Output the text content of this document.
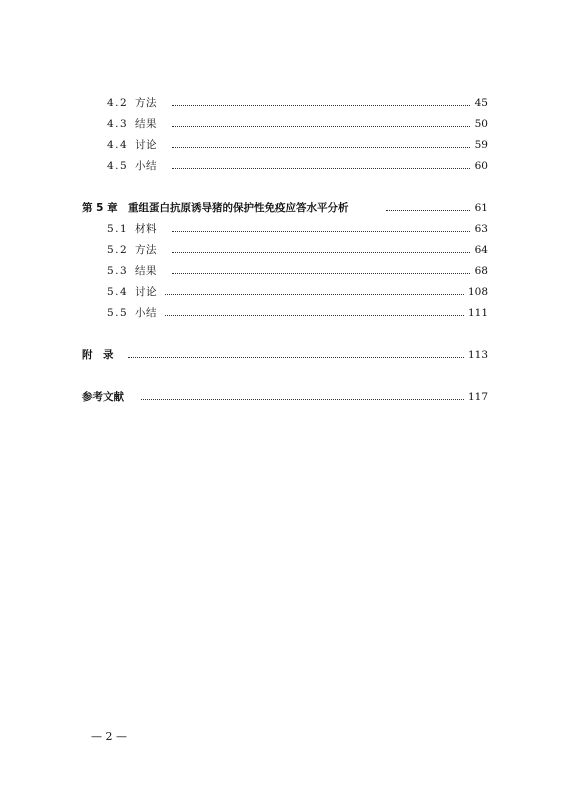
4.2 方法	45
4.3 结果	50
4.4 讨论	59
4.5 小结	60
第 5 章 重组蛋白抗原诱导猪的保护性免疫应答水平分析	61
5.1 材料	63
5.2 方法	64
5.3 结果	68
5.4 讨论	108
5.5 小结	111
附　录	113
参考文献	117
— 2 —
